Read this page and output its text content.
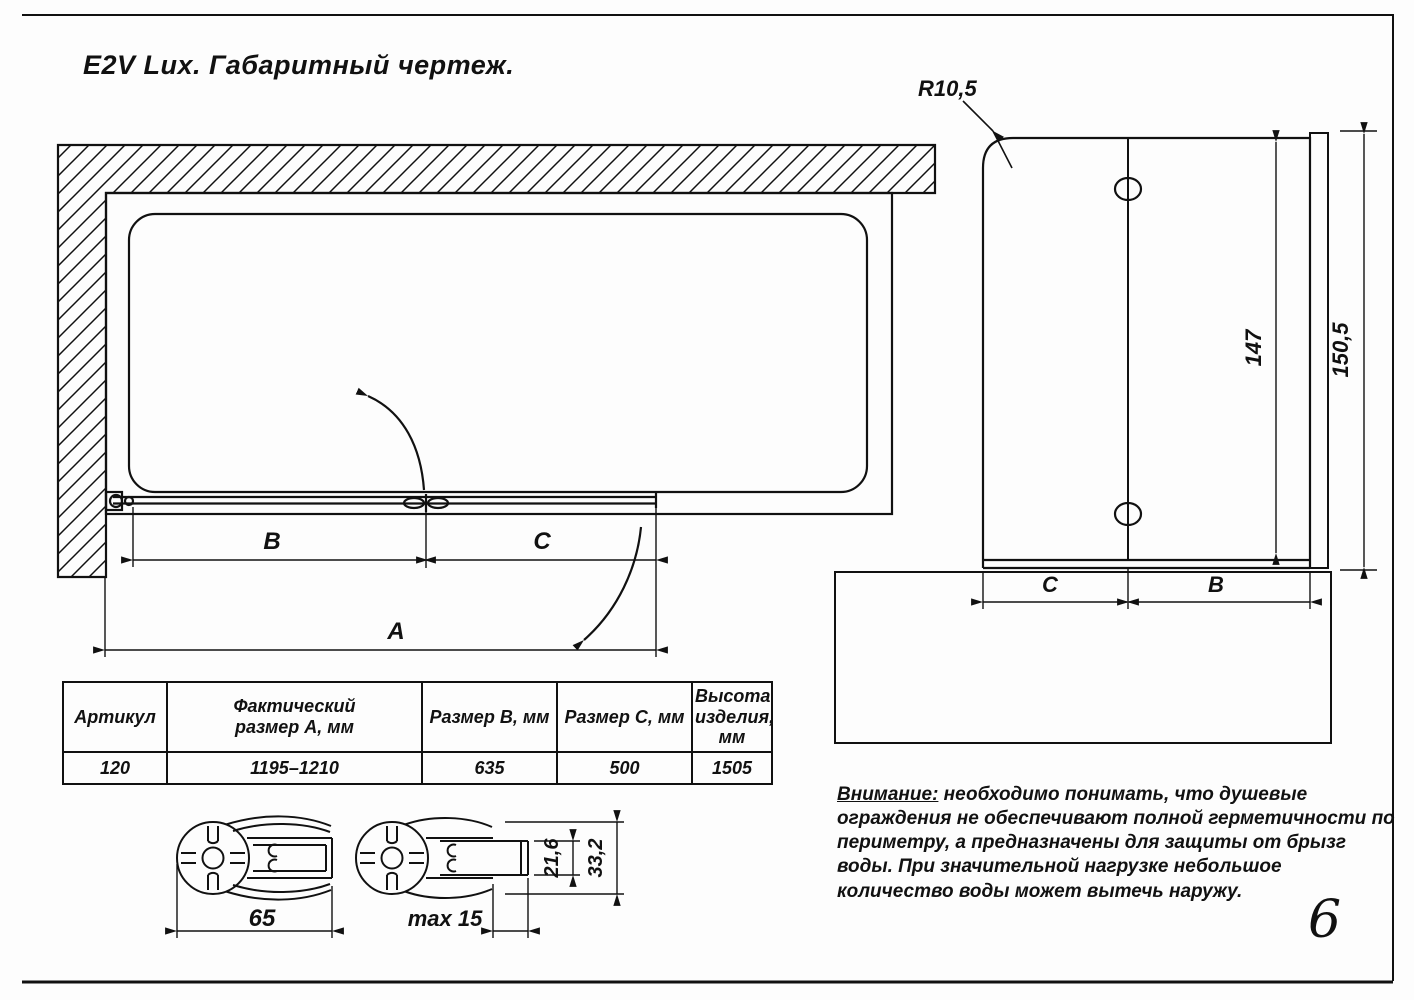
B	C
A
R10,5
147	150,5
C	B
65	max 15
21,6 33,2
E2V Lux. Габаритный чертеж.
Артикул	Фактический размер А, мм	Размер В, мм	Размер С, мм	Высота изделия, мм
120	1195–1210	635	500	1505
Внимание: необходимо понимать, что душевые ограждения не обеспечивают полной герметичности по периметру, а предназначены для защиты от брызг воды. При значительной нагрузке небольшое количество воды может вытечь наружу.	6
